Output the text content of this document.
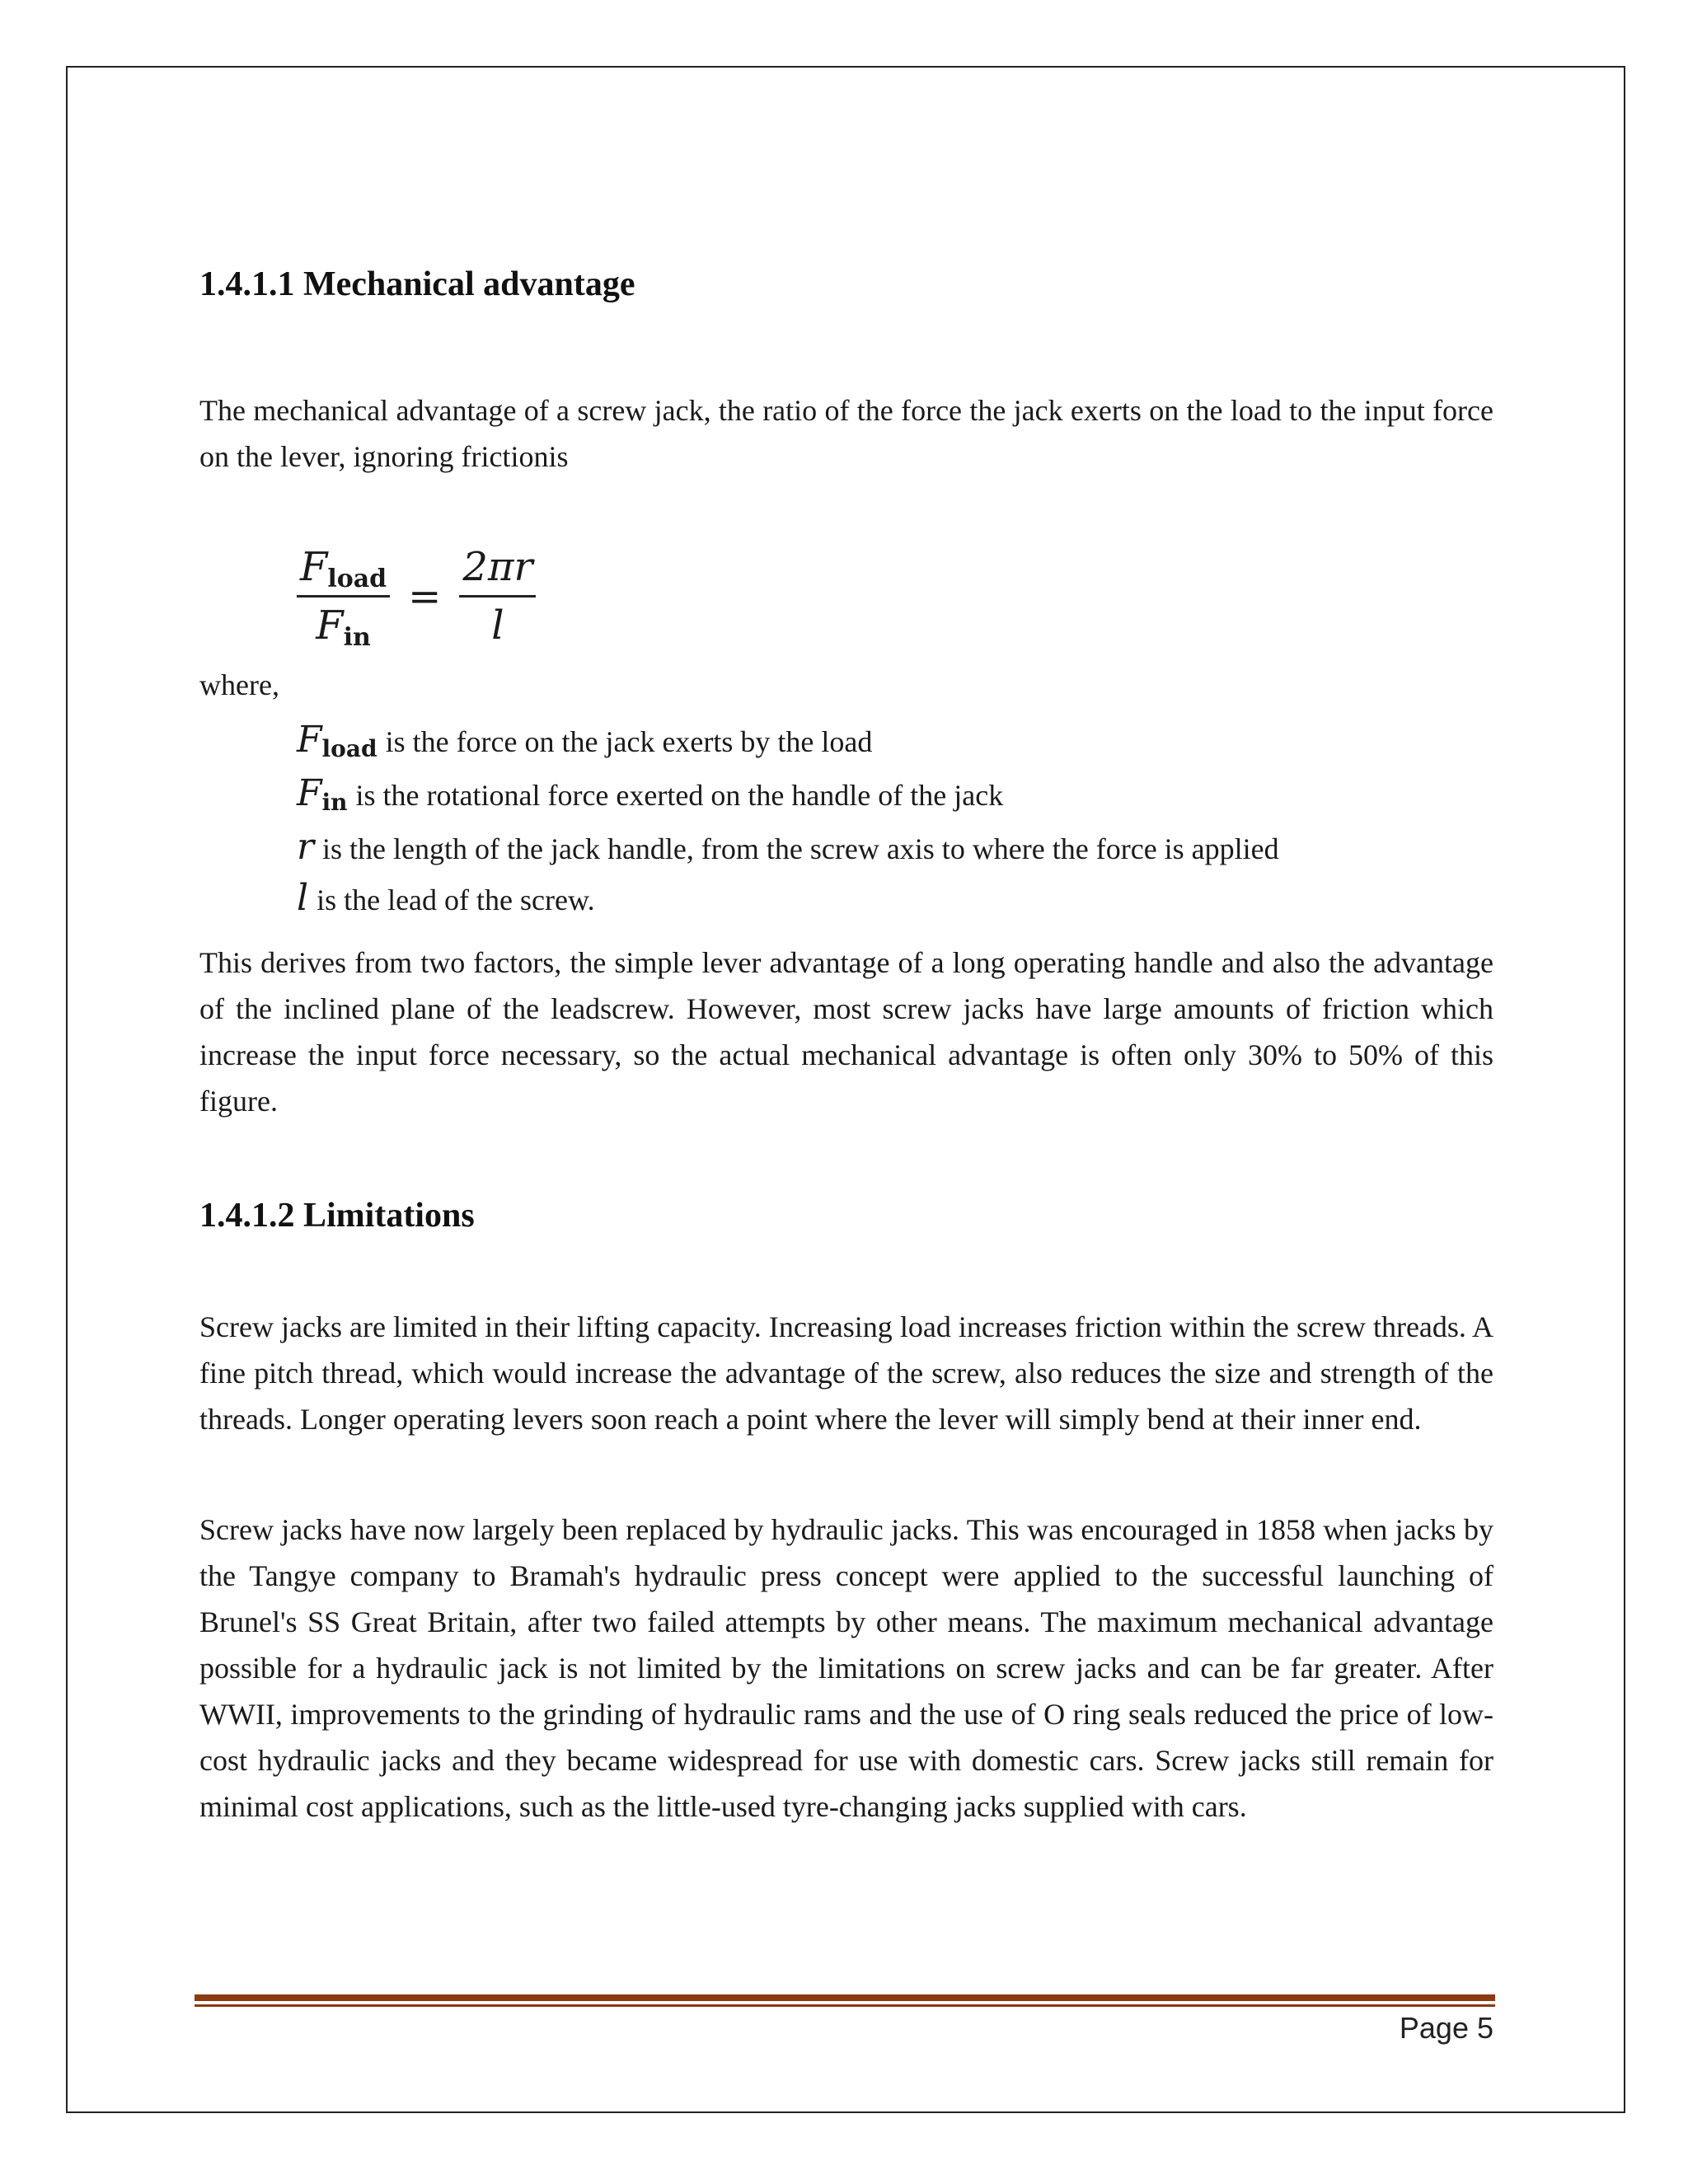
1.4.1.1 Mechanical advantage

The mechanical advantage of a screw jack, the ratio of the force the jack exerts on the load to the input force on the lever, ignoring frictionis

$\frac{\text{Fload}}{\text{Fin}} = \frac{2\pi r}{l}$
where,
Fload is the force on the jack exerts by the load
Fin is the rotational force exerted on the handle of the jack
r is the length of the jack handle, from the screw axis to where the force is applied
l is the lead of the screw.

This derives from two factors, the simple lever advantage of a long operating handle and also the advantage of the inclined plane of the leadscrew. However, most screw jacks have large amounts of friction which increase the input force necessary, so the actual mechanical advantage is often only 30% to 50% of this figure.

1.4.1.2 Limitations

Screw jacks are limited in their lifting capacity. Increasing load increases friction within the screw threads. A fine pitch thread, which would increase the advantage of the screw, also reduces the size and strength of the threads. Longer operating levers soon reach a point where the lever will simply bend at their inner end.

Screw jacks have now largely been replaced by hydraulic jacks. This was encouraged in 1858 when jacks by the Tangye company to Bramah's hydraulic press concept were applied to the successful launching of Brunel's SS Great Britain, after two failed attempts by other means. The maximum mechanical advantage possible for a hydraulic jack is not limited by the limitations on screw jacks and can be far greater. After WWII, improvements to the grinding of hydraulic rams and the use of O ring seals reduced the price of low-cost hydraulic jacks and they became widespread for use with domestic cars. Screw jacks still remain for minimal cost applications, such as the little-used tyre-changing jacks supplied with cars.

Page 5
